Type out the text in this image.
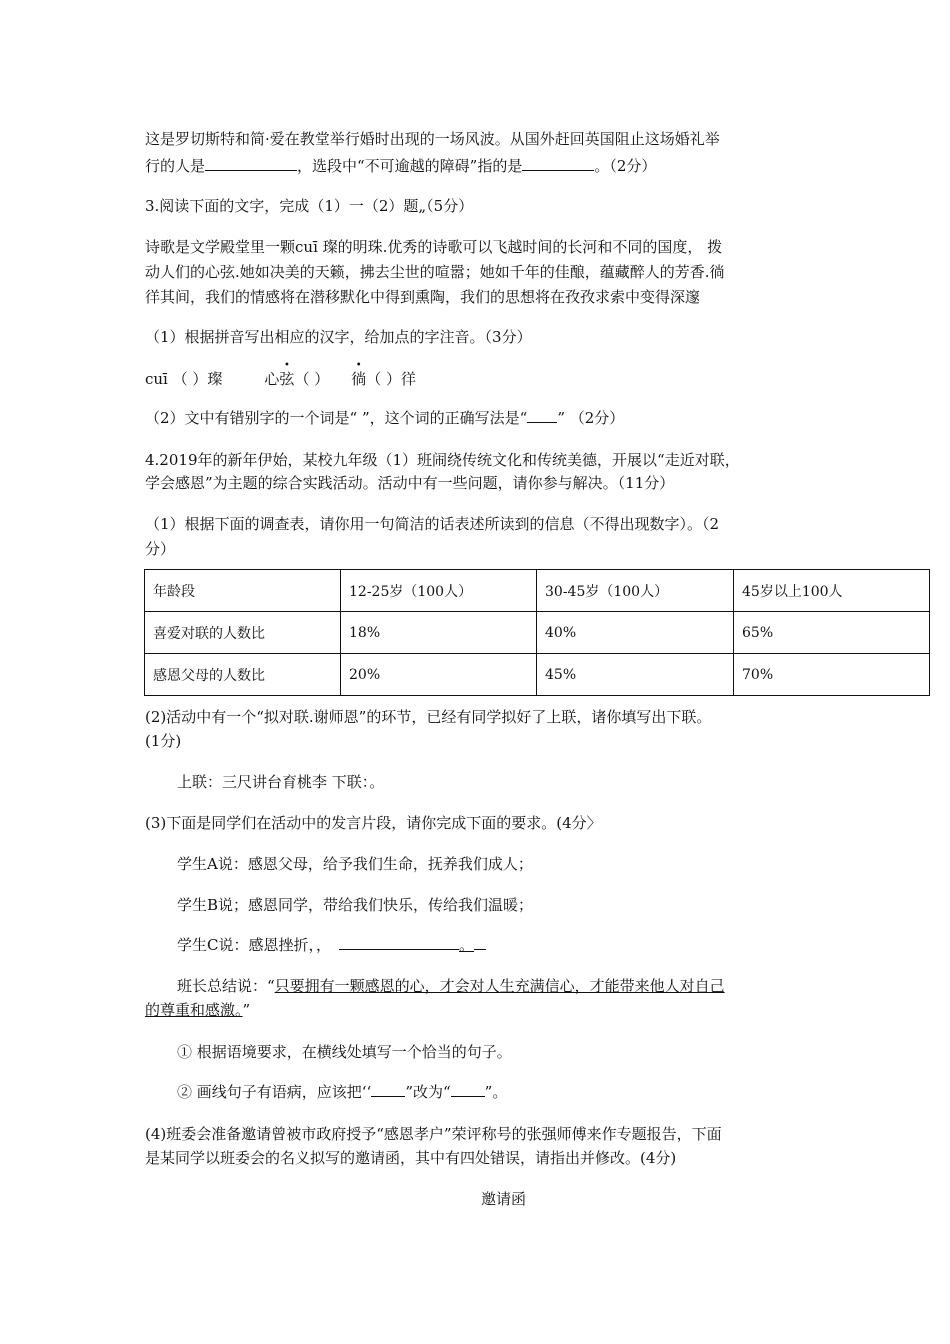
这是罗切斯特和简·爱在教堂举行婚时出现的一场风波。从国外赶回英国阻止这场婚礼举
行的人是	，选段中“不可逾越的障碍”指的是	。（2分）
3.阅读下面的文字，完成（1）一（2）题„（5分）
诗歌是文学殿堂里一颗cuī 璨的明珠.优秀的诗歌可以飞越时间的长河和不同的国度， 拨
动人们的心弦.她如决美的天籁，拂去尘世的喧嚣；她如千年的佳酿，蕴藏醉人的芳香.徜
徉其间，我们的情感将在潜移默化中得到熏陶，我们的思想将在孜孜求索中变得深邃
（1）根据拼音写出相应的汉字，给加点的字注音。（3分）
cuī （ ）璨	心弦（ ） 徜（ ）徉
（2）文中有错别字的一个词是“ ”，这个词的正确写法是“ ” （2分）
4.2019年的新年伊始，某校九年级（1）班闹绕传统文化和传统美德，开展以“走近对联，
学会感恩”为主题的综合实践活动。活动中有一些问题，请你参与解决。（11分）
（1）根据下面的调查表，请你用一句简洁的话表述所读到的信息（不得出现数字）。（2
分）
年龄段	12-25岁（100人）	30-45岁（100人）	45岁以上100人
喜爱对联的人数比	18%	40%	65%
感恩父母的人数比	20%	45%	70%
(2)活动中有一个“拟对联.谢师恩”的环节，已经有同学拟好了上联，诸你填写出下联。
(1分)
上联：三尺讲台育桃李 下联：。
(3)下面是同学们在活动中的发言片段，请你完成下面的要求。(4分〉
学生A说：感恩父母，给予我们生命，抚养我们成人；
学生B说；感恩同学，带给我们快乐，传给我们温暖；
学生C说：感恩挫折，，	。
班长总结说：“只要拥有一颗感恩的心，才会对人生充满信心，才能带来他人对自己
的尊重和感激。”
① 根据语境要求，在横线处填写一个恰当的句子。
② 画线句子有语病，应该把‘‘ ”改为“ ”。
(4)班委会准备邀请曾被市政府授予“感恩孝户”荣评称号的张强师傅来作专题报告，下面
是某同学以班委会的名义拟写的邀请函，其中有四处错误，请指出并修改。(4分)
邀请函
